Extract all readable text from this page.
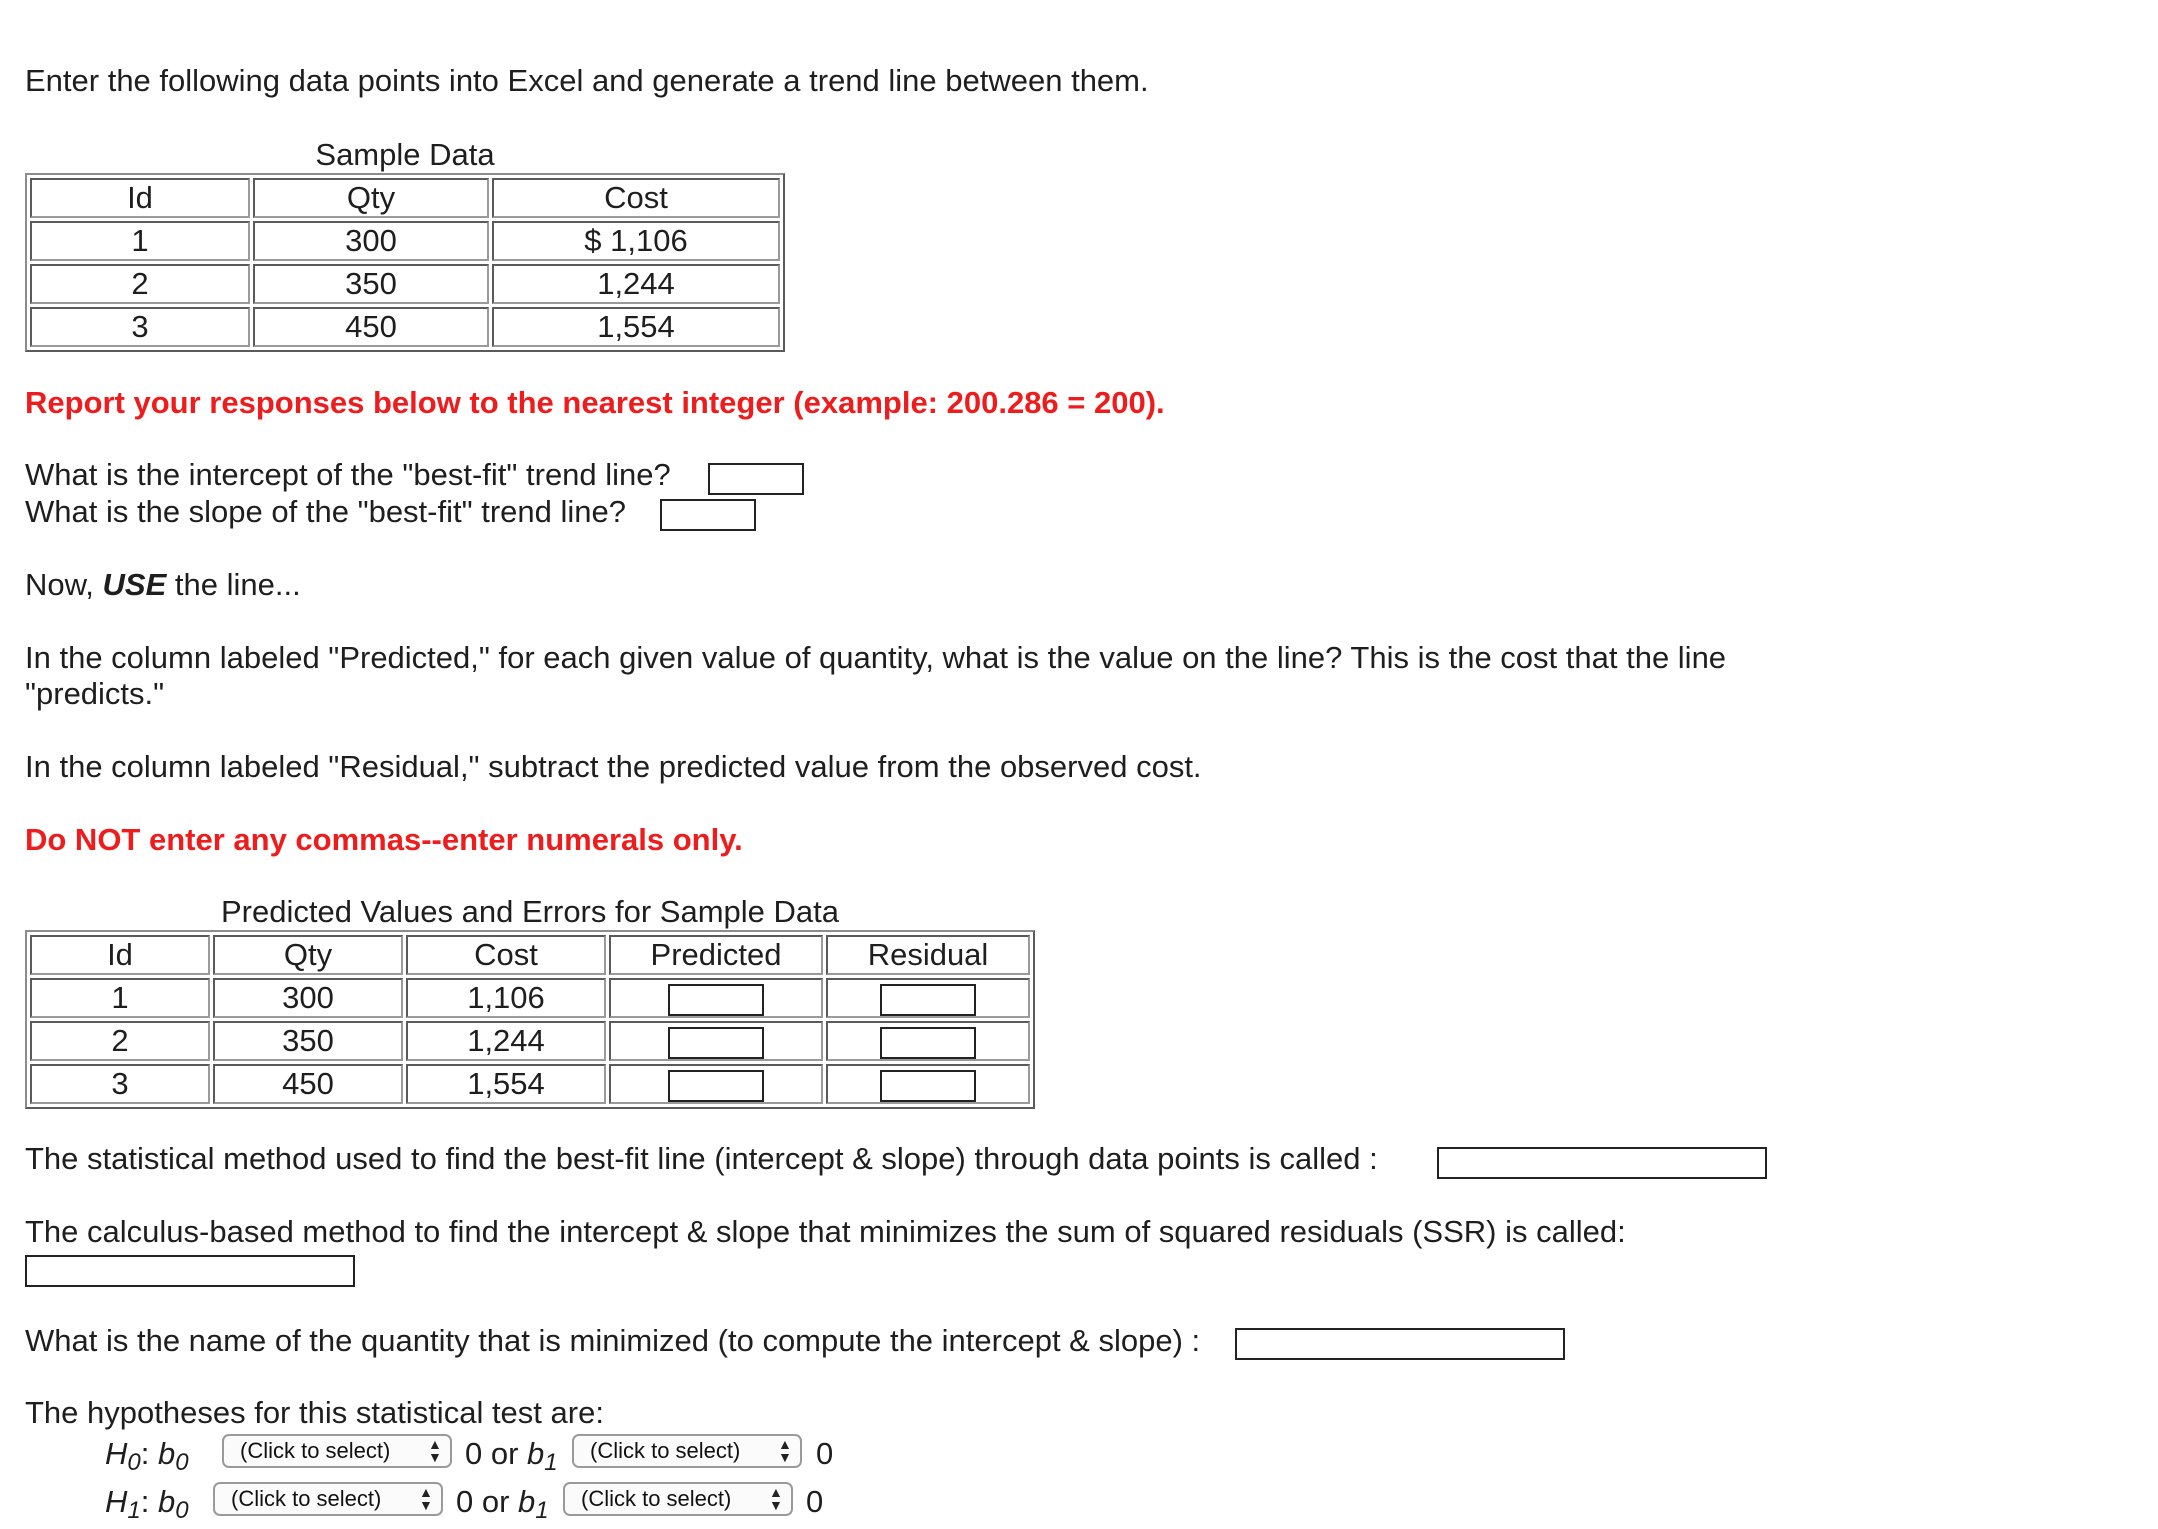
Enter the following data points into Excel and generate a trend line between them.
Sample Data
Id	Qty	Cost
1	300	$ 1,106
2	350	1,244
3	450	1,554
Report your responses below to the nearest integer (example: 200.286 = 200).
What is the intercept of the "best-fit" trend line?
What is the slope of the "best-fit" trend line?
Now, USE the line...
In the column labeled "Predicted," for each given value of quantity, what is the value on the line? This is the cost that the line
"predicts."
In the column labeled "Residual," subtract the predicted value from the observed cost.
Do NOT enter any commas--enter numerals only.
Predicted Values and Errors for Sample Data
Id	Qty	Cost	Predicted	Residual
1	300	1,106		
2	350	1,244		
3	450	1,554		
The statistical method used to find the best-fit line (intercept & slope) through data points is called :
The calculus-based method to find the intercept & slope that minimizes the sum of squared residuals (SSR) is called:
What is the name of the quantity that is minimized (to compute the intercept & slope) :
The hypotheses for this statistical test are:
$H_0$: $b_0$	(Click to select)	▲
▼ 0 or $b_1$	(Click to select)	▲
▼ 0
$H_1$: $b_0$	(Click to select)	▲
▼ 0 or $b_1$	(Click to select)	▲
▼ 0
